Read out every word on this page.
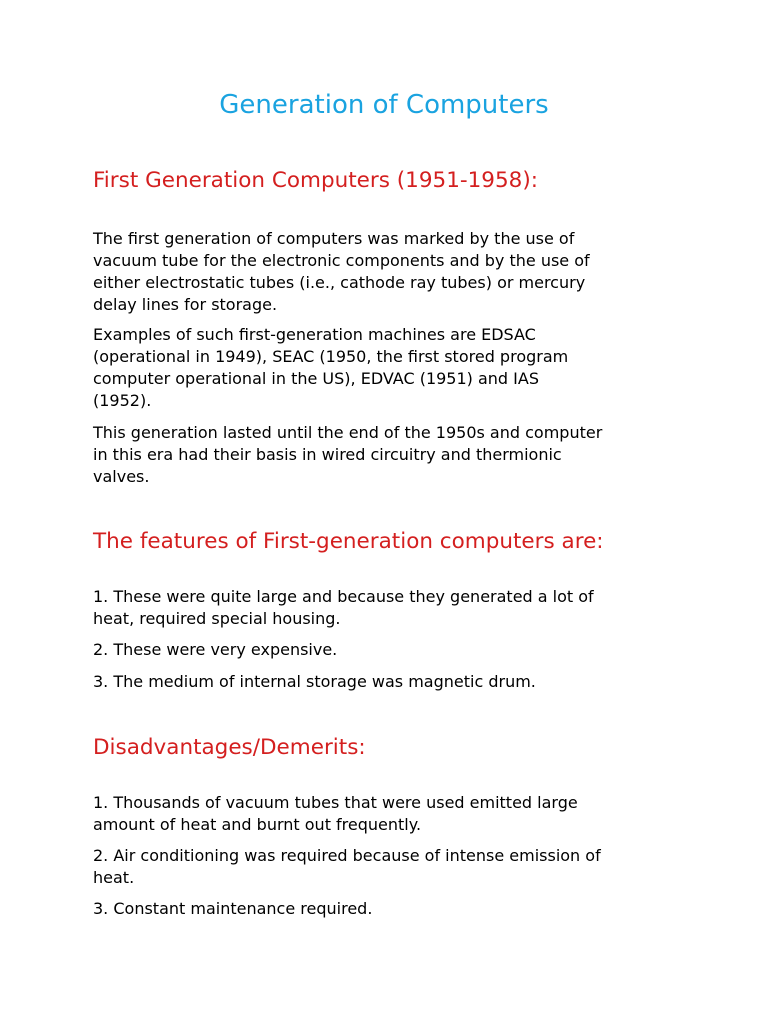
Generation of Computers
First Generation Computers (1951-1958):

The first generation of computers was marked by the use of
vacuum tube for the electronic components and by the use of
either electrostatic tubes (i.e., cathode ray tubes) or mercury
delay lines for storage.

Examples of such first-generation machines are EDSAC
(operational in 1949), SEAC (1950, the first stored program
computer operational in the US), EDVAC (1951) and IAS
(1952).

This generation lasted until the end of the 1950s and computer
in this era had their basis in wired circuitry and thermionic
valves.

The features of First-generation computers are:

1. These were quite large and because they generated a lot of
heat, required special housing.

2. These were very expensive.

3. The medium of internal storage was magnetic drum.

Disadvantages/Demerits:

1. Thousands of vacuum tubes that were used emitted large
amount of heat and burnt out frequently.

2. Air conditioning was required because of intense emission of
heat.

3. Constant maintenance required.
